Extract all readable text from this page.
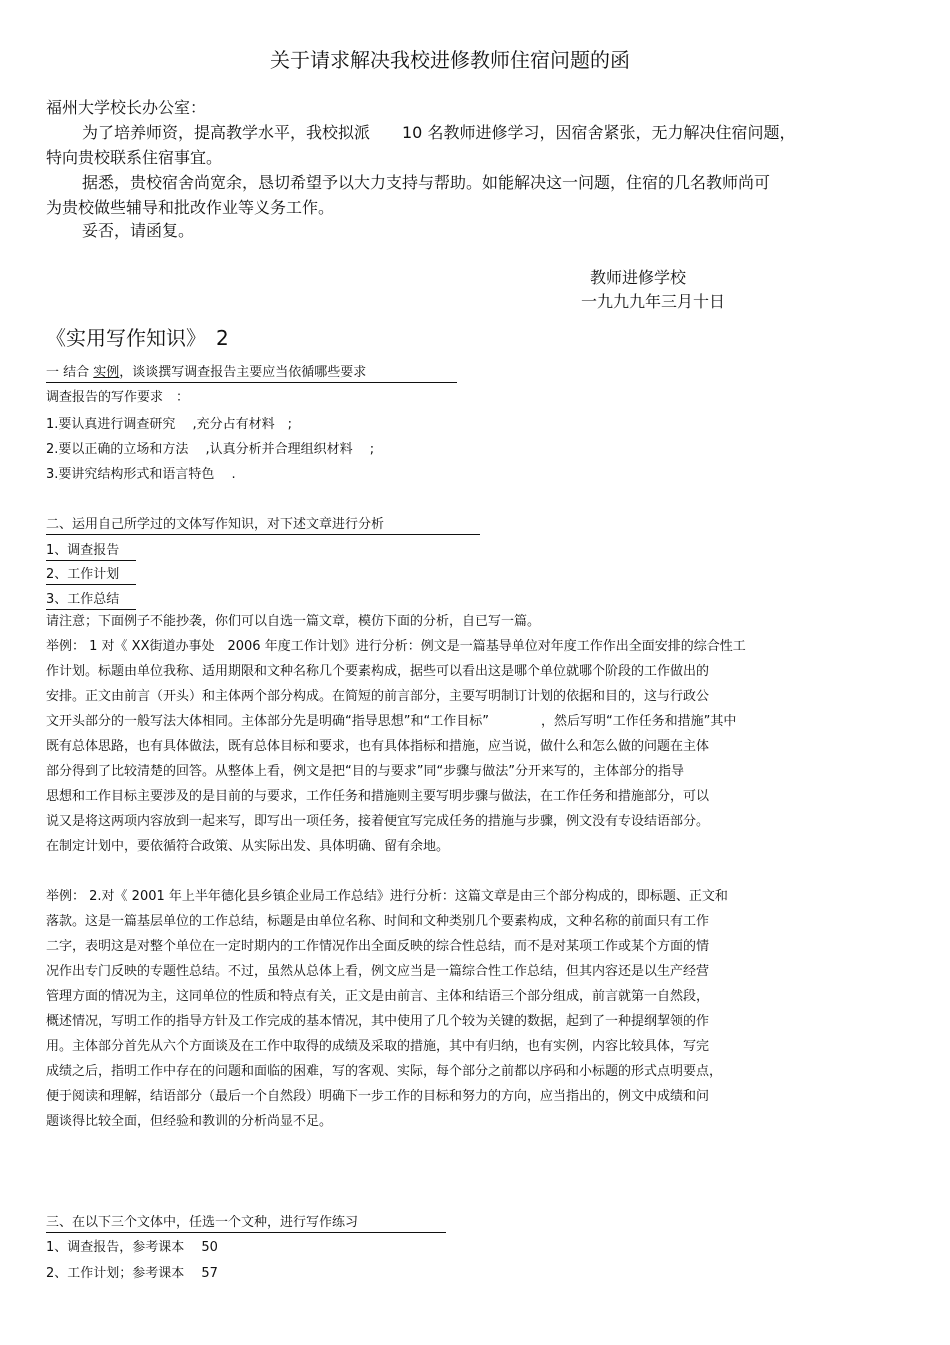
关于请求解决我校进修教师住宿问题的函
福州大学校长办公室：
为了培养师资，提高教学水平，我校拟派　　10 名教师进修学习，因宿舍紧张，无力解决住宿问题，
特向贵校联系住宿事宜。
据悉，贵校宿舍尚宽余，恳切希望予以大力支持与帮助。如能解决这一问题，住宿的几名教师尚可
为贵校做些辅导和批改作业等义务工作。
妥否，请函复。
教师进修学校
一九九九年三月十日
《实用写作知识》　2
一 结合 实例，谈谈撰写调查报告主要应当依循哪些要求
调查报告的写作要求　：
1.要认真进行调查研究　 ,充分占有材料　;
2.要以正确的立场和方法　 ,认真分析并合理组织材料　 ;
3.要讲究结构形式和语言特色　 .
二、运用自己所学过的文体写作知识，对下述文章进行分析
1、调查报告
2、工作计划
3、工作总结
请注意；下面例子不能抄袭，你们可以自选一篇文章，模仿下面的分析，自已写一篇。
举例： 1 对《 XX街道办事处　2006 年度工作计划》进行分析：例文是一篇基导单位对年度工作作出全面安排的综合性工
作计划。标题由单位我称、适用期限和文种名称几个要素构成，据些可以看出这是哪个单位就哪个阶段的工作做出的
安排。正文由前言（开头）和主体两个部分构成。在简短的前言部分，主要写明制订计划的依据和目的，这与行政公
文开头部分的一般写法大体相同。主体部分先是明确“指导思想”和“工作目标”　　　　，然后写明“工作任务和措施”其中
既有总体思路，也有具体做法，既有总体目标和要求，也有具体指标和措施，应当说，做什么和怎么做的问题在主体
部分得到了比较清楚的回答。从整体上看，例文是把“目的与要求”同“步骤与做法”分开来写的，主体部分的指导
思想和工作目标主要涉及的是目前的与要求，工作任务和措施则主要写明步骤与做法，在工作任务和措施部分，可以
说又是将这两项内容放到一起来写，即写出一项任务，接着便宜写完成任务的措施与步骤，例文没有专设结语部分。
在制定计划中，要依循符合政策、从实际出发、具体明确、留有余地。
举例： 2.对《 2001 年上半年德化县乡镇企业局工作总结》进行分析：这篇文章是由三个部分构成的，即标题、正文和
落款。这是一篇基层单位的工作总结，标题是由单位名称、时间和文种类别几个要素构成，文种名称的前面只有工作
二字，表明这是对整个单位在一定时期内的工作情况作出全面反映的综合性总结，而不是对某项工作或某个方面的情
况作出专门反映的专题性总结。不过，虽然从总体上看，例文应当是一篇综合性工作总结，但其内容还是以生产经营
管理方面的情况为主，这同单位的性质和特点有关，正文是由前言、主体和结语三个部分组成，前言就第一自然段，
概述情况，写明工作的指导方针及工作完成的基本情况，其中使用了几个较为关键的数据，起到了一种提纲挈领的作
用。主体部分首先从六个方面谈及在工作中取得的成绩及采取的措施，其中有归纳，也有实例，内容比较具体，写完
成绩之后，指明工作中存在的问题和面临的困难，写的客观、实际，每个部分之前都以序码和小标题的形式点明要点，
便于阅读和理解，结语部分（最后一个自然段）明确下一步工作的目标和努力的方向，应当指出的，例文中成绩和问
题谈得比较全面，但经验和教训的分析尚显不足。
三、在以下三个文体中，任选一个文种，进行写作练习
1、调查报告，参考课本　 50
2、工作计划；参考课本　 57
